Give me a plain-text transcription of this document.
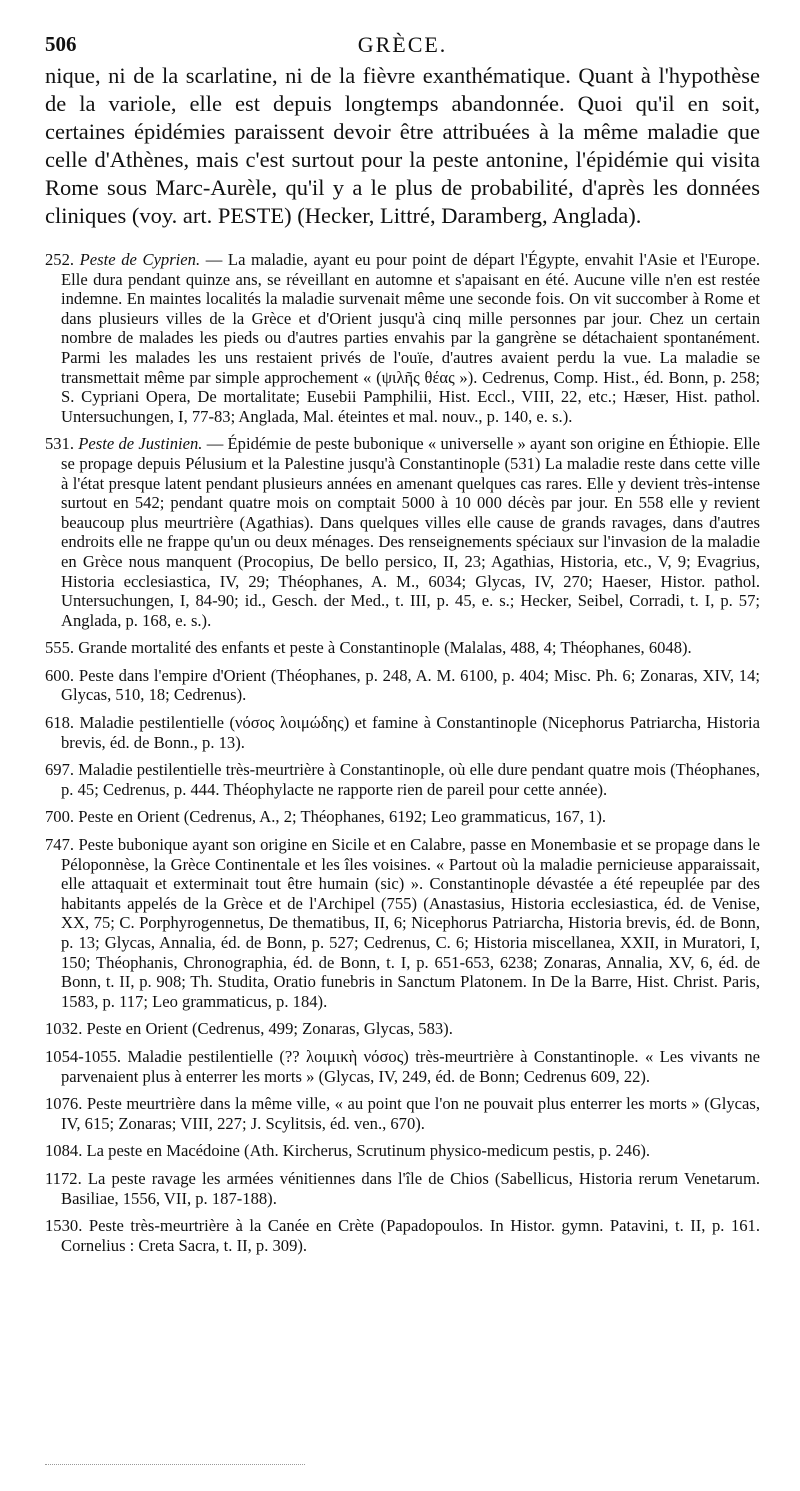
506	GRÈCE.

nique, ni de la scarlatine, ni de la fièvre exanthématique. Quant à l'hypothèse de la variole, elle est depuis longtemps abandonnée. Quoi qu'il en soit, certaines épidémies paraissent devoir être attribuées à la même maladie que celle d'Athènes, mais c'est surtout pour la peste antonine, l'épidémie qui visita Rome sous Marc-Aurèle, qu'il y a le plus de probabilité, d'après les données cliniques (voy. art. PESTE) (Hecker, Littré, Daramberg, Anglada).

252. Peste de Cyprien. — La maladie, ayant eu pour point de départ l'Égypte, envahit l'Asie et l'Europe. Elle dura pendant quinze ans, se réveillant en automne et s'apaisant en été. Aucune ville n'en est restée indemne. En maintes localités la maladie survenait même une seconde fois. On vit succomber à Rome et dans plusieurs villes de la Grèce et d'Orient jusqu'à cinq mille personnes par jour. Chez un certain nombre de malades les pieds ou d'autres parties envahis par la gangrène se détachaient spontanément. Parmi les malades les uns restaient privés de l'ouïe, d'autres avaient perdu la vue. La maladie se transmettait même par simple approchement « (ψιλῆς θέας »). Cedrenus, Comp. Hist., éd. Bonn, p. 258; S. Cypriani Opera, De mortalitate; Eusebii Pamphilii, Hist. Eccl., VIII, 22, etc.; Hæser, Hist. pathol. Untersuchungen, I, 77-83; Anglada, Mal. éteintes et mal. nouv., p. 140, e. s.).

531. Peste de Justinien. — Épidémie de peste bubonique « universelle » ayant son origine en Éthiopie. Elle se propage depuis Pélusium et la Palestine jusqu'à Constantinople (531) La maladie reste dans cette ville à l'état presque latent pendant plusieurs années en amenant quelques cas rares. Elle y devient très-intense surtout en 542; pendant quatre mois on comptait 5000 à 10 000 décès par jour. En 558 elle y revient beaucoup plus meurtrière (Agathias). Dans quelques villes elle cause de grands ravages, dans d'autres endroits elle ne frappe qu'un ou deux ménages. Des renseignements spéciaux sur l'invasion de la maladie en Grèce nous manquent (Procopius, De bello persico, II, 23; Agathias, Historia, etc., V, 9; Evagrius, Historia ecclesiastica, IV, 29; Théophanes, A. M., 6034; Glycas, IV, 270; Haeser, Histor. pathol. Untersuchungen, I, 84-90; id., Gesch. der Med., t. III, p. 45, e. s.; Hecker, Seibel, Corradi, t. I, p. 57; Anglada, p. 168, e. s.).

555. Grande mortalité des enfants et peste à Constantinople (Malalas, 488, 4; Théophanes, 6048).

600. Peste dans l'empire d'Orient (Théophanes, p. 248, A. M. 6100, p. 404; Misc. Ph. 6; Zonaras, XIV, 14; Glycas, 510, 18; Cedrenus).

618. Maladie pestilentielle (νόσος λοιμώδης) et famine à Constantinople (Nicephorus Patriarcha, Historia brevis, éd. de Bonn., p. 13).

697. Maladie pestilentielle très-meurtrière à Constantinople, où elle dure pendant quatre mois (Théophanes, p. 45; Cedrenus, p. 444. Théophylacte ne rapporte rien de pareil pour cette année).

700. Peste en Orient (Cedrenus, A., 2; Théophanes, 6192; Leo grammaticus, 167, 1).

747. Peste bubonique ayant son origine en Sicile et en Calabre, passe en Monembasie et se propage dans le Péloponnèse, la Grèce Continentale et les îles voisines. « Partout où la maladie pernicieuse apparaissait, elle attaquait et exterminait tout être humain (sic) ». Constantinople dévastée a été repeuplée par des habitants appelés de la Grèce et de l'Archipel (755) (Anastasius, Historia ecclesiastica, éd. de Venise, XX, 75; C. Porphyrogennetus, De thematibus, II, 6; Nicephorus Patriarcha, Historia brevis, éd. de Bonn, p. 13; Glycas, Annalia, éd. de Bonn, p. 527; Cedrenus, C. 6; Historia miscellanea, XXII, in Muratori, I, 150; Théophanis, Chronographia, éd. de Bonn, t. I, p. 651-653, 6238; Zonaras, Annalia, XV, 6, éd. de Bonn, t. II, p. 908; Th. Studita, Oratio funebris in Sanctum Platonem. In De la Barre, Hist. Christ. Paris, 1583, p. 117; Leo grammaticus, p. 184).

1032. Peste en Orient (Cedrenus, 499; Zonaras, Glycas, 583).

1054-1055. Maladie pestilentielle (?? λοιμικὴ νόσος) très-meurtrière à Constantinople. « Les vivants ne parvenaient plus à enterrer les morts » (Glycas, IV, 249, éd. de Bonn; Cedrenus 609, 22).

1076. Peste meurtrière dans la même ville, « au point que l'on ne pouvait plus enterrer les morts » (Glycas, IV, 615; Zonaras; VIII, 227; J. Scylitsis, éd. ven., 670).

1084. La peste en Macédoine (Ath. Kircherus, Scrutinum physico-medicum pestis, p. 246).

1172. La peste ravage les armées vénitiennes dans l'île de Chios (Sabellicus, Historia rerum Venetarum. Basiliae, 1556, VII, p. 187-188).

1530. Peste très-meurtrière à la Canée en Crète (Papadopoulos. In Histor. gymn. Patavini, t. II, p. 161. Cornelius : Creta Sacra, t. II, p. 309).
